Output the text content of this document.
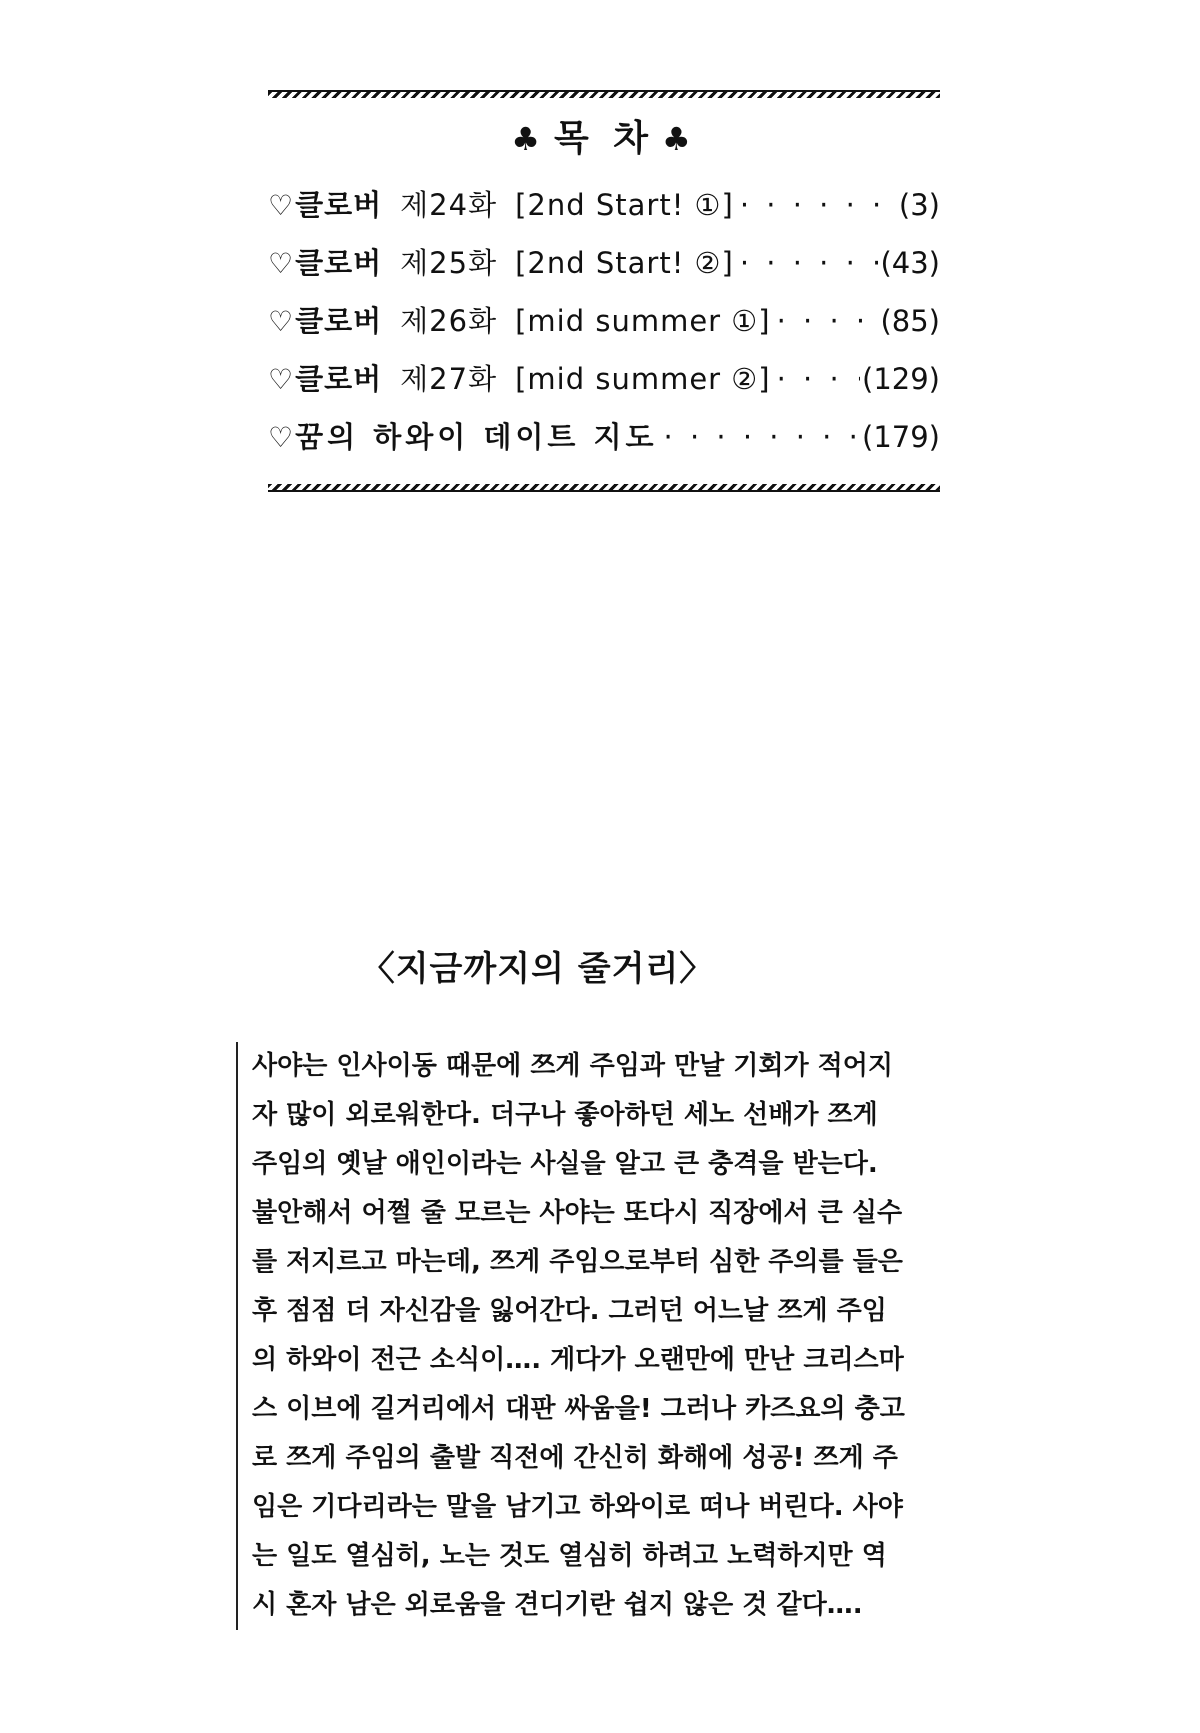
♣ 목 차 ♣
♡ 클로버 제24화 [2nd Start! ①] · · ·	(3)
♡ 클로버 제25화 [2nd Start! ②] · · ·	(43)
♡ 클로버 제26화 [mid summer ①] · · ·	(85)
♡ 클로버 제27화 [mid summer ②] · · ·	(129)
♡ 꿈의 하와이 데이트 지도 · · ·	(179)
〈지금까지의 줄거리〉
사야는 인사이동 때문에 쯔게 주임과 만날 기회가 적어지
자 많이 외로워한다. 더구나 좋아하던 세노 선배가 쯔게
주임의 옛날 애인이라는 사실을 알고 큰 충격을 받는다.
불안해서 어쩔 줄 모르는 사야는 또다시 직장에서 큰 실수
를 저지르고 마는데, 쯔게 주임으로부터 심한 주의를 들은
후 점점 더 자신감을 잃어간다. 그러던 어느날 쯔게 주임
의 하와이 전근 소식이…. 게다가 오랜만에 만난 크리스마
스 이브에 길거리에서 대판 싸움을! 그러나 카즈요의 충고
로 쯔게 주임의 출발 직전에 간신히 화해에 성공! 쯔게 주
임은 기다리라는 말을 남기고 하와이로 떠나 버린다. 사야
는 일도 열심히, 노는 것도 열심히 하려고 노력하지만 역
시 혼자 남은 외로움을 견디기란 쉽지 않은 것 같다….
